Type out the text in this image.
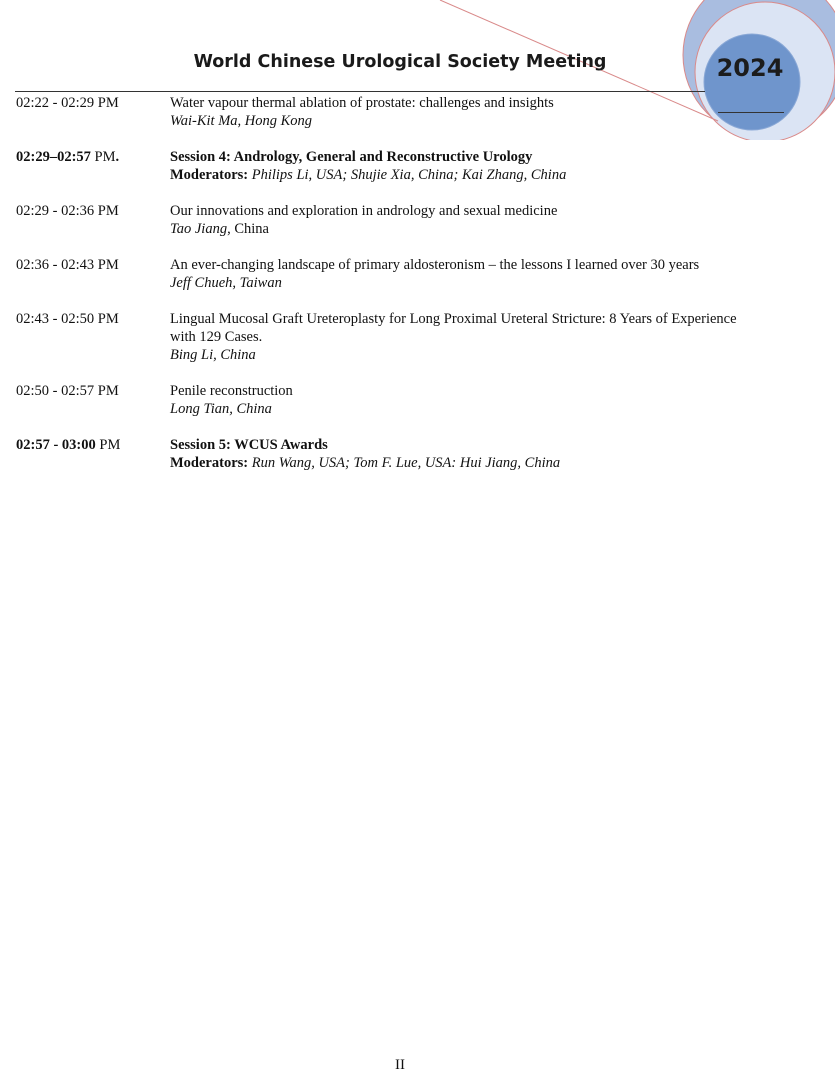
World Chinese Urological Society Meeting	2024
02:22 - 02:29 PM	Water vapour thermal ablation of prostate: challenges and insights
Wai-Kit Ma, Hong Kong
02:29–02:57 PM.	Session 4: Andrology, General and Reconstructive Urology
Moderators: Philips Li, USA; Shujie Xia, China; Kai Zhang, China
02:29 - 02:36 PM	Our innovations and exploration in andrology and sexual medicine
Tao Jiang, China
02:36 - 02:43 PM	An ever-changing landscape of primary aldosteronism – the lessons I learned over 30 years
Jeff Chueh, Taiwan
02:43 - 02:50 PM	Lingual Mucosal Graft Ureteroplasty for Long Proximal Ureteral Stricture: 8 Years of Experience
with 129 Cases.
Bing Li, China
02:50 - 02:57 PM	Penile reconstruction
Long Tian, China
02:57 - 03:00 PM	Session 5: WCUS Awards
Moderators: Run Wang, USA; Tom F. Lue, USA: Hui Jiang, China
II
